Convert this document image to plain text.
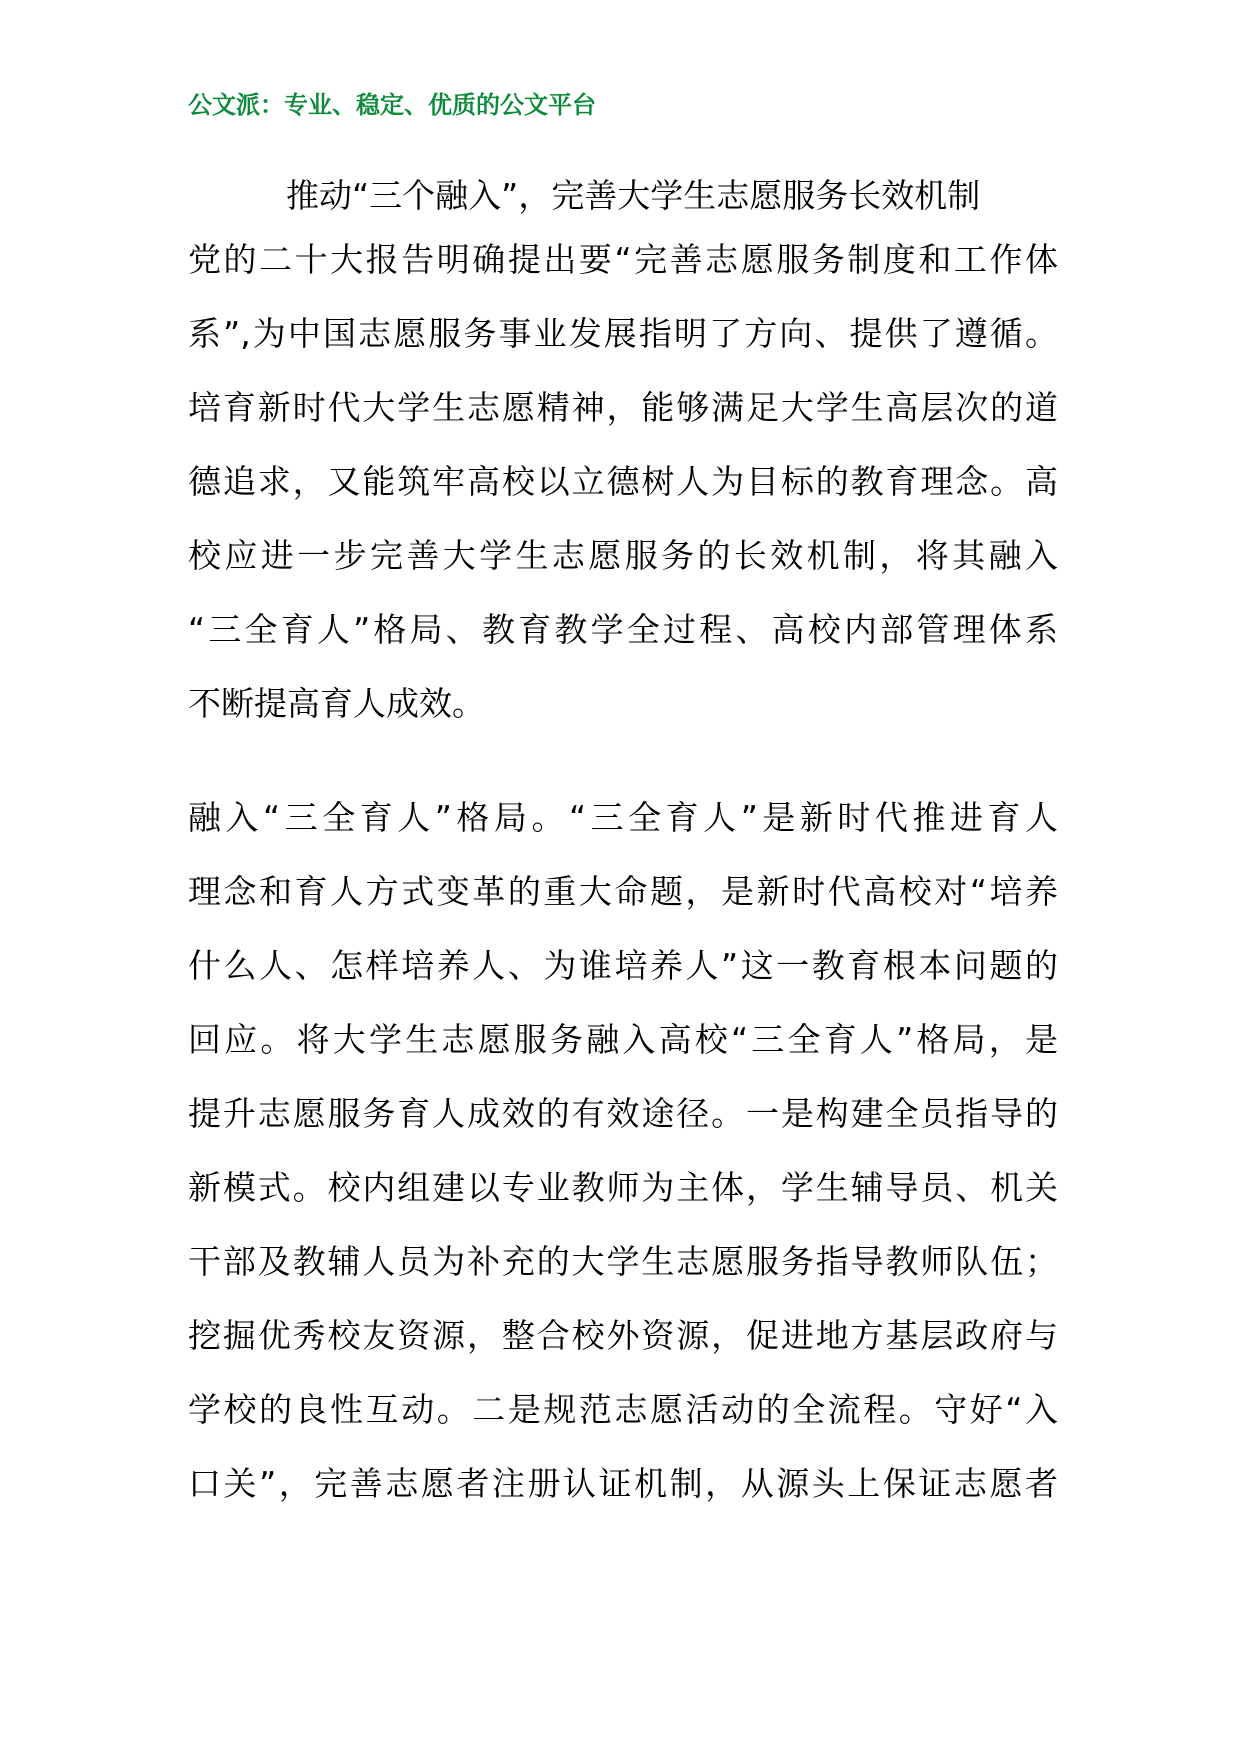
公文派：专业、稳定、优质的公文平台
推动“三个融入”，完善大学生志愿服务长效机制
党的二十大报告明确提出要“完善志愿服务制度和工作体
系”,为中国志愿服务事业发展指明了方向、提供了遵循。
培育新时代大学生志愿精神，能够满足大学生高层次的道
德追求，又能筑牢高校以立德树人为目标的教育理念。高
校应进一步完善大学生志愿服务的长效机制，将其融入
“三全育人”格局、教育教学全过程、高校内部管理体系
不断提高育人成效。
融入“三全育人”格局。“三全育人”是新时代推进育人
理念和育人方式变革的重大命题，是新时代高校对“培养
什么人、怎样培养人、为谁培养人”这一教育根本问题的
回应。将大学生志愿服务融入高校“三全育人”格局，是
提升志愿服务育人成效的有效途径。一是构建全员指导的
新模式。校内组建以专业教师为主体，学生辅导员、机关
干部及教辅人员为补充的大学生志愿服务指导教师队伍；
挖掘优秀校友资源，整合校外资源，促进地方基层政府与
学校的良性互动。二是规范志愿活动的全流程。守好“入
口关”，完善志愿者注册认证机制，从源头上保证志愿者
